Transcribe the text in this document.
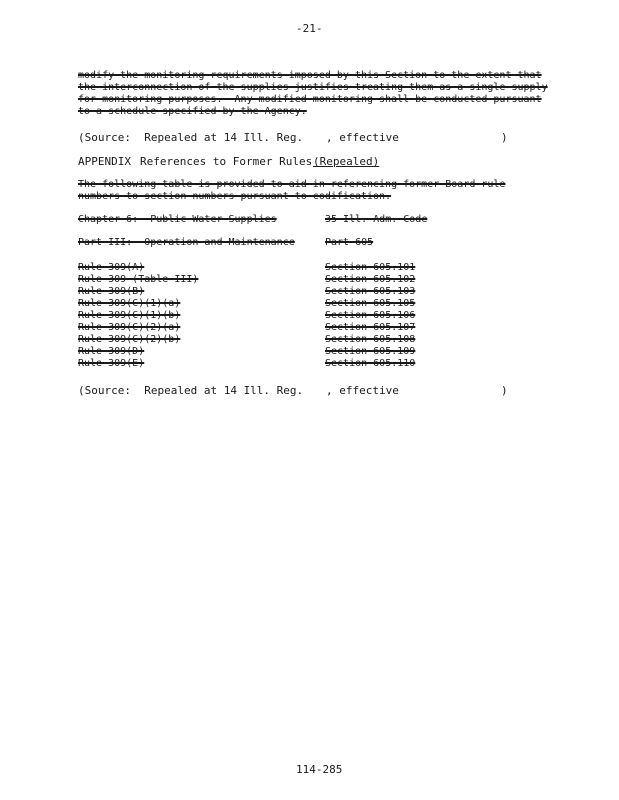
-21-
modify the monitoring requirements imposed by this Section to the extent that
the interconnection of the supplies justifies treating them as a single supply
for monitoring purposes.  Any modified monitoring shall be conducted pursuant
to a schedule specified by the Agency.
(Source:  Repealed at 14 Ill. Reg. , effective	)
APPENDIX References to Former Rules (Repealed)
The following table is provided to aid in referencing former Board rule
numbers to section numbers pursuant to codification.
Chapter 6:  Public Water Supplies	35 Ill. Adm. Code
Part III:  Operation and Maintenance	Part 605
Rule 309(A)	Section 605.101
Rule 309 (Table III)	Section 605.102
Rule 309(B)	Section 605.103
Rule 309(C)(1)(a)	Section 605.105
Rule 309(C)(1)(b)	Section 605.106
Rule 309(C)(2)(a)	Section 605.107
Rule 309(C)(2)(b)	Section 605.108
Rule 309(D)	Section 605.109
Rule 309(E)	Section 605.110
(Source:  Repealed at 14 Ill. Reg. , effective	)
114-285
